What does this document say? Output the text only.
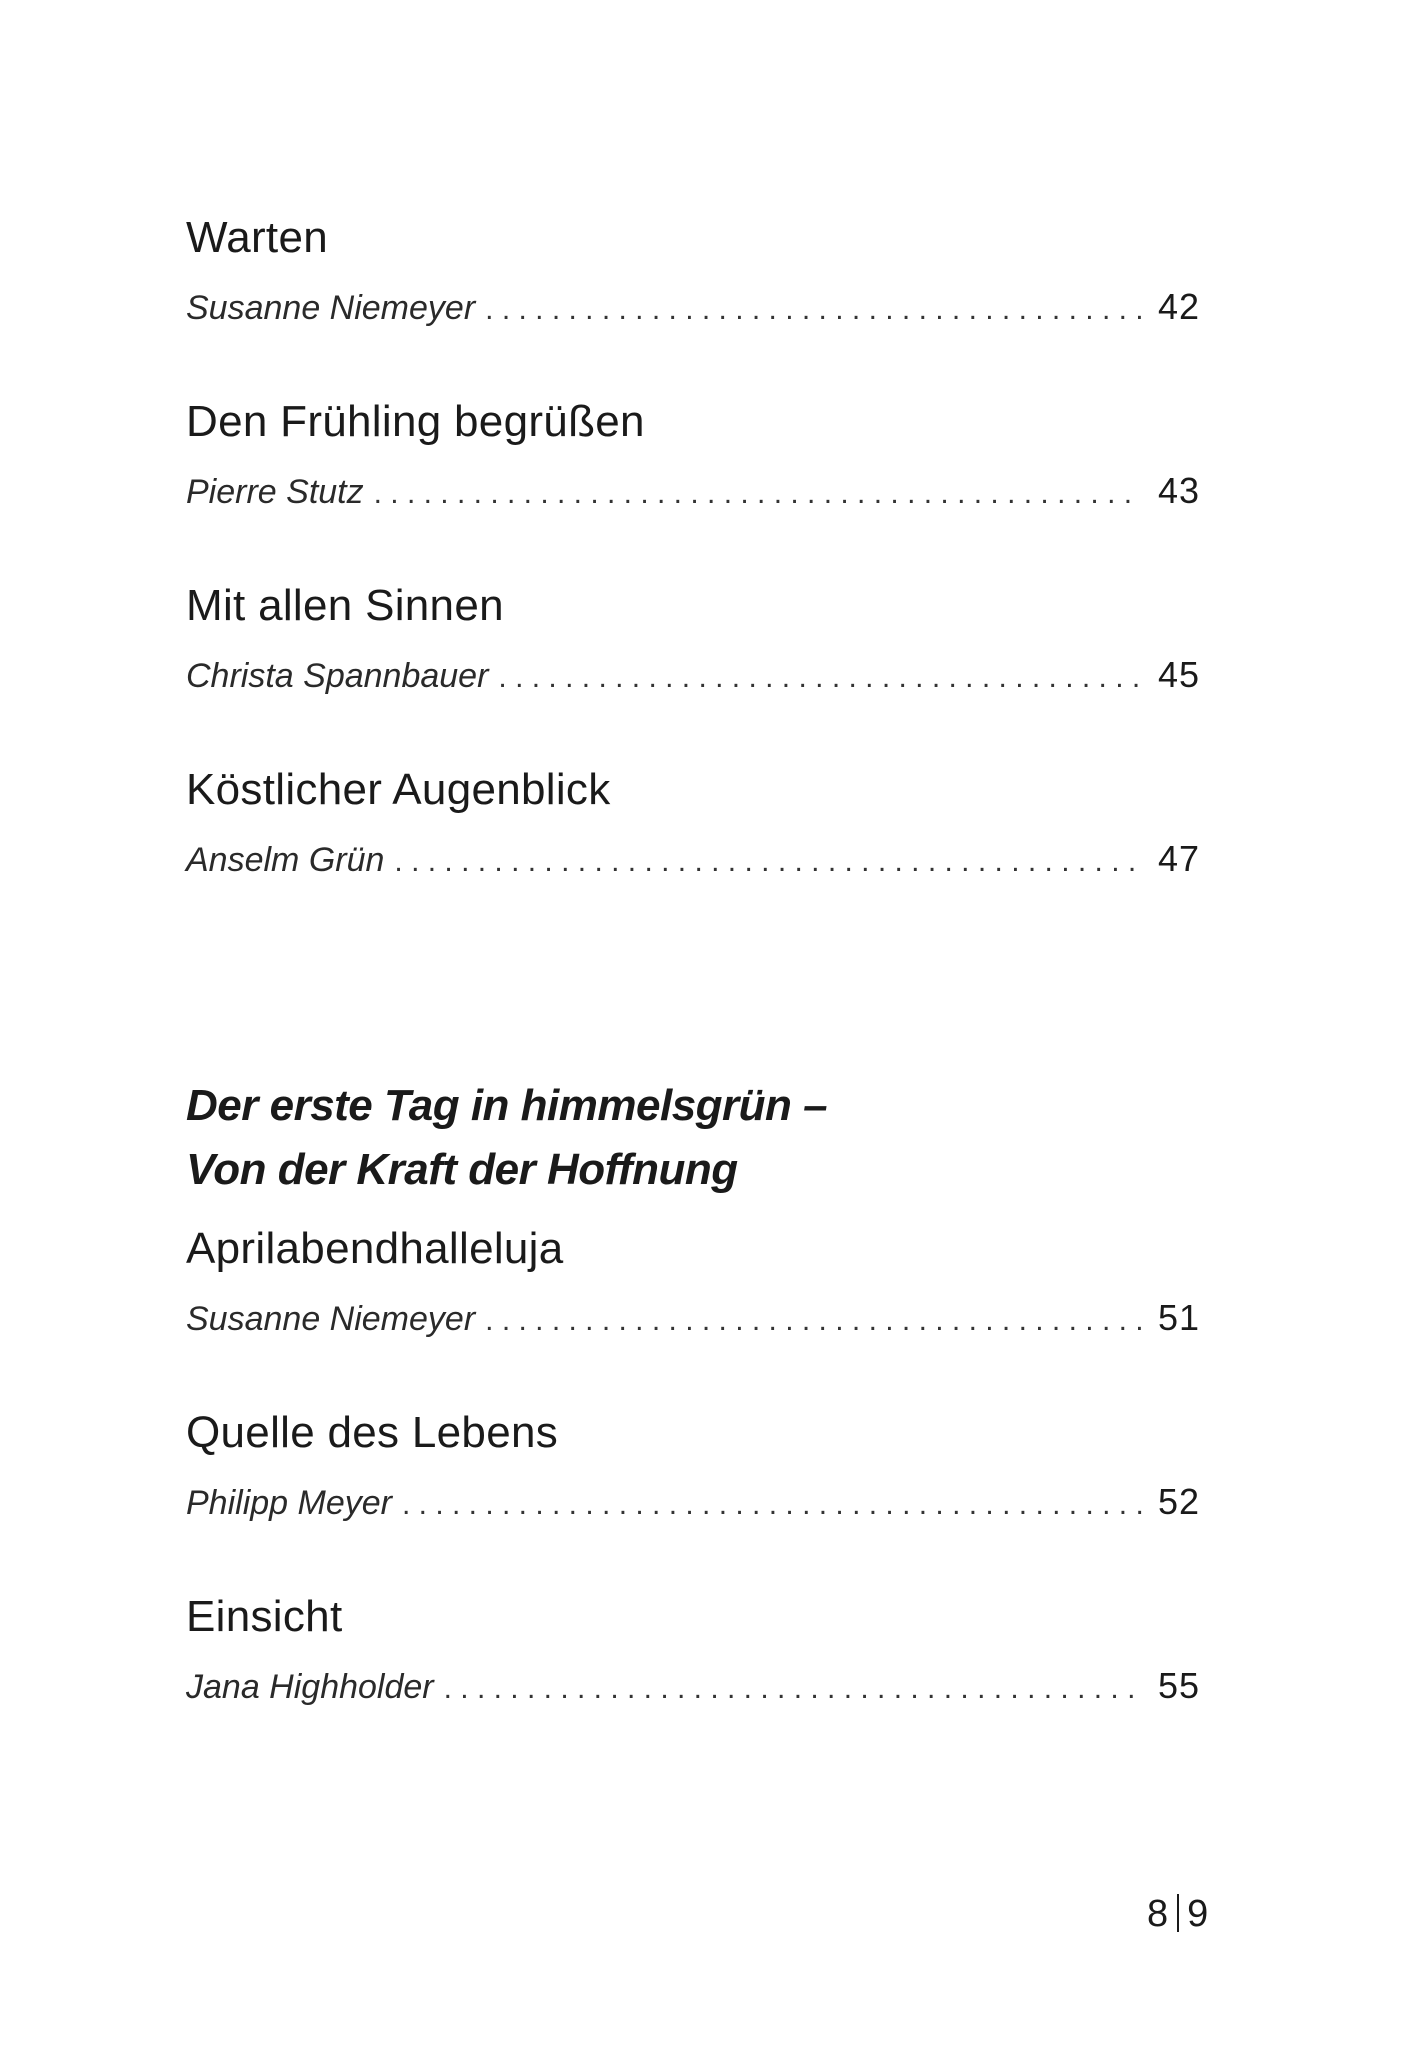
Warten
Susanne Niemeyer . . .	42
Den Frühling begrüßen
Pierre Stutz . . .	43
Mit allen Sinnen
Christa Spannbauer . . .	45
Köstlicher Augenblick
Anselm Grün . . .	47
Der erste Tag in himmelsgrün –
Von der Kraft der Hoffnung
Aprilabendhalleluja
Susanne Niemeyer . . .	51
Quelle des Lebens
Philipp Meyer . . .	52
Einsicht
Jana Highholder . . .	55
8 9
